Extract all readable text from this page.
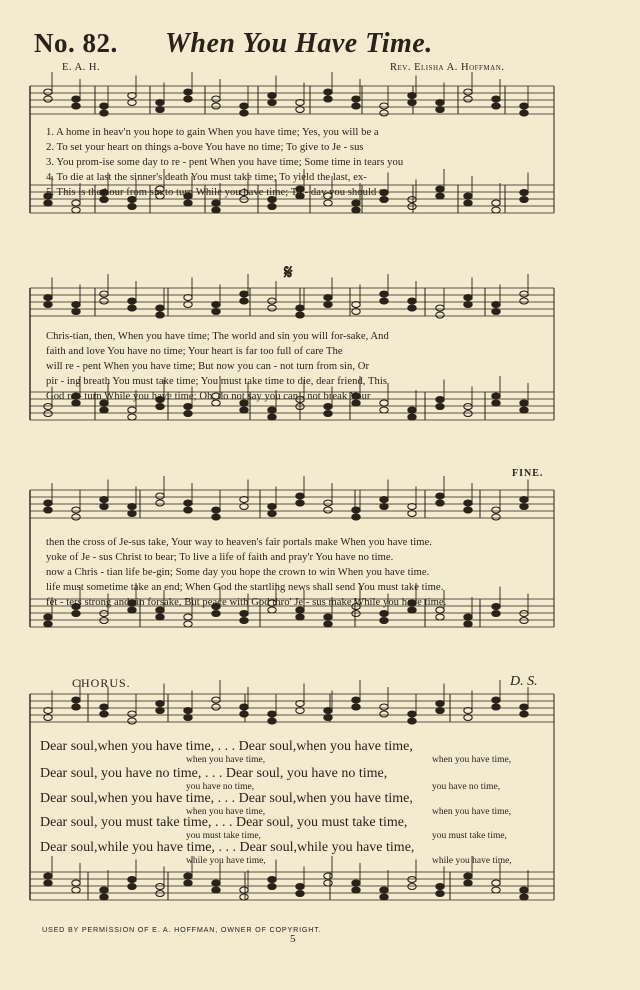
No. 82. When You Have Time.
E. A. H.	Rev. Elisha A. Hoffman.
1. A home in heav'n you hope to gain When you have time; Yes, you will be a
2. To set your heart on things a-bove You have no time; To give to Je - sus
3. You prom-ise some day to re - pent When you have time; Some time in tears you
4. To die at last the sinner's death You must take time; To yield the last, ex-
5. This is the hour from sin to turn While you have time; To - day you should to
𝄋
Chris-tian, then, When you have time; The world and sin you will for-sake, And
faith and love You have no time; Your heart is far too full of care The
will re - pent When you have time; But now you can - not turn from sin, Or
pir - ing breath You must take time; You must take time to die, dear friend, This
God re - turn While you have time; Oh, do not say you can - not break Your
FINE.
then the cross of Je-sus take, Your way to heaven's fair portals make When you have time.
yoke of Je - sus Christ to bear; To live a life of faith and pray'r You have no time.
now a Chris - tian life be-gin; Some day you hope the crown to win When you have time.
life must sometime take an end; When God the startling news shall send You must take time.
fet - ters strong and sin forsake, But peace with God thro' Je - sus make While you have time.
CHORUS.	D. S.
Dear soul,when you have time, . . . Dear soul,when you have time,
when you have time,	when you have time,
Dear soul, you have no time, . . . Dear soul, you have no time,
you have no time,	you have no time,
Dear soul,when you have time, . . . Dear soul,when you have time,
when you have time,	when you have time,
Dear soul, you must take time, . . . Dear soul, you must take time,
you must take time,	you must take time,
Dear soul,while you have time, . . . Dear soul,while you have time,
while you have time,	while you have time,
USED BY PERMISSION OF E. A. HOFFMAN, OWNER OF COPYRIGHT.
5
